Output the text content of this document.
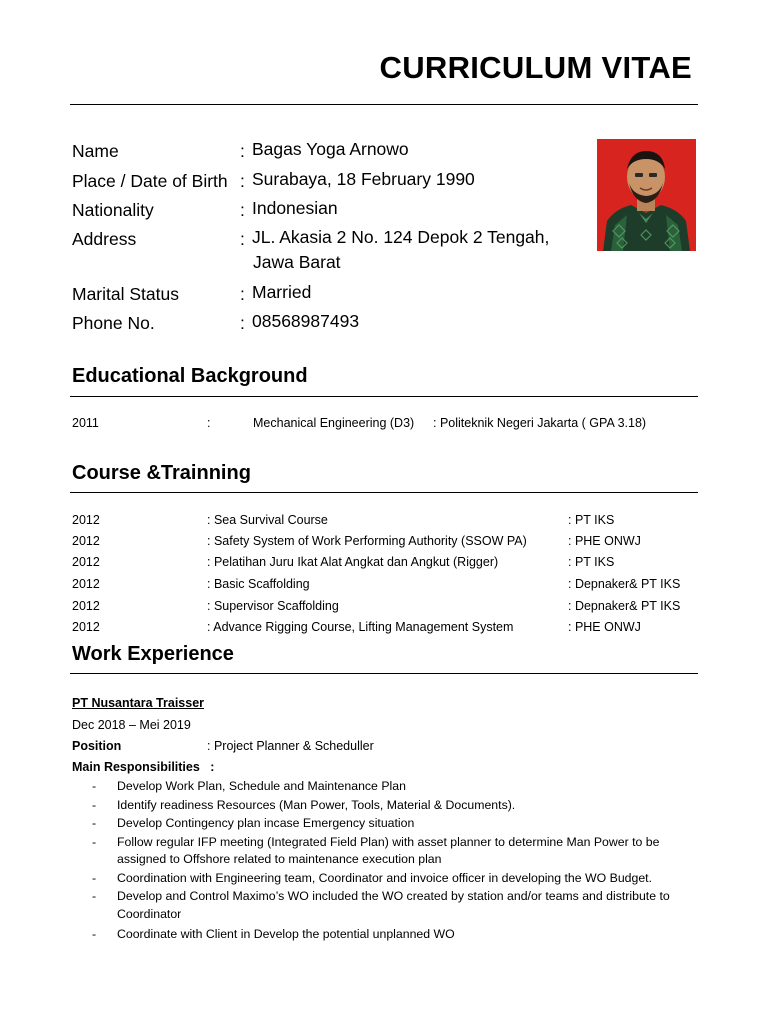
CURRICULUM VITAE
Name	: Bagas Yoga Arnowo
Place / Date of Birth : Surabaya, 18 February 1990
Nationality	: Indonesian
Address	: JL. Akasia 2 No. 124 Depok 2 Tengah,
Jawa Barat
Marital Status	: Married
Phone No.	: 08568987493
Educational Background
2011	:	Mechanical Engineering (D3) : Politeknik Negeri Jakarta ( GPA 3.18)
Course &Trainning
2012	: Sea Survival Course	: PT IKS
2012	: Safety System of Work Performing Authority (SSOW PA)	: PHE ONWJ
2012	: Pelatihan Juru Ikat Alat Angkat dan Angkut (Rigger)	: PT IKS
2012	: Basic Scaffolding	: Depnaker& PT IKS
2012	: Supervisor Scaffolding	: Depnaker& PT IKS
2012	: Advance Rigging Course, Lifting Management System	: PHE ONWJ
Work Experience
PT Nusantara Traisser
Dec 2018 – Mei 2019
Position	: Project Planner & Scheduller
Main Responsibilities   :
- Develop Work Plan, Schedule and Maintenance Plan
- Identify readiness Resources (Man Power, Tools, Material & Documents).
- Develop Contingency plan incase Emergency situation
- Follow regular IFP meeting (Integrated Field Plan) with asset planner to determine Man Power to be assigned to Offshore related to maintenance execution plan
- Coordination with Engineering team, Coordinator and invoice officer in developing the WO Budget.
- Develop and Control Maximo’s WO included the WO created by station and/or teams and distribute to Coordinator
- Coordinate with Client in Develop the potential unplanned WO
